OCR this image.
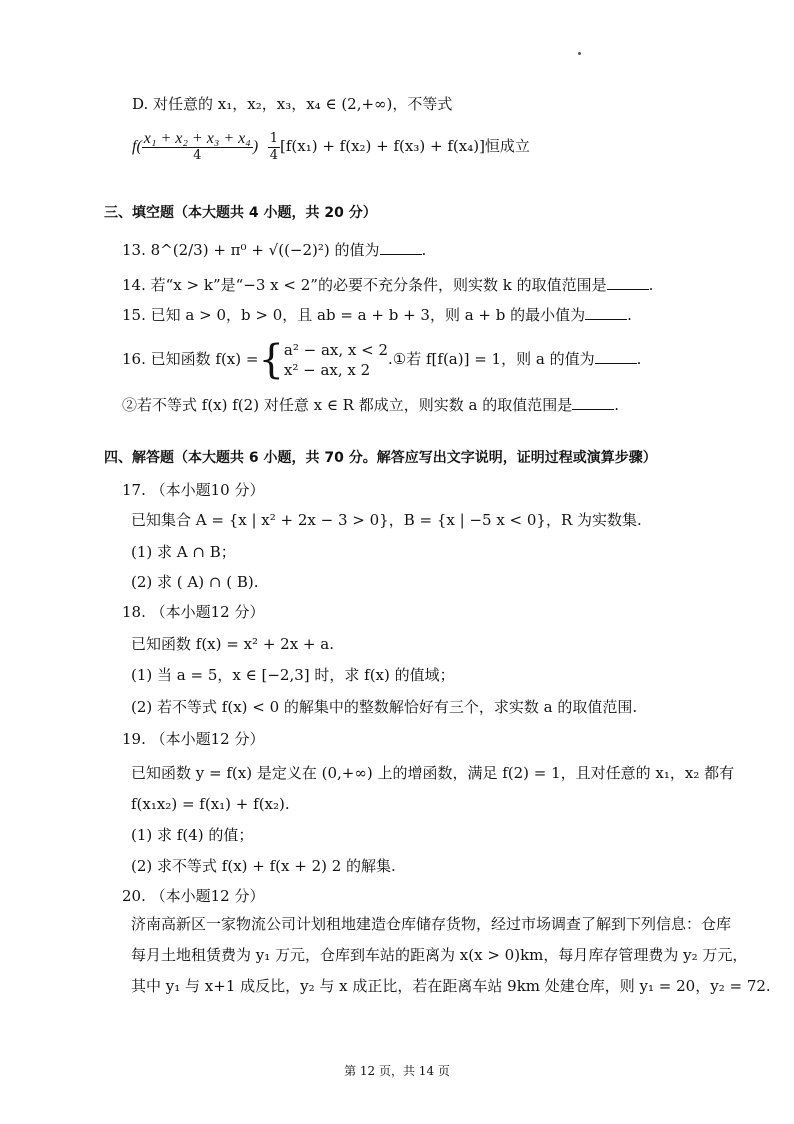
D. 对任意的 x₁，x₂，x₃，x₄ ∈ (2,+∞)，不等式
$f( \frac{\text{x₁ + x₂ + x₃ + x₄}}{4}$ ) $\frac{1}{4} [f(x_1) + f(x_2) + f(x_3) + f(x_4)]$恒成立
三、填空题（本大题共 4 小题，共 20 分）
13. 8^(2/3) + π⁰ + √((−2)²) 的值为	.
14. 若“x > k”是“−3 x < 2”的必要不充分条件，则实数 k 的取值范围是	.
15. 已知 a > 0，b > 0，且 ab = a + b + 3，则 a + b 的最小值为	.
16. 已知函数 f(x) ={ a² − ax, x < 2
x² − ax, x 2
.①若 f[f(a)] = 1，则 a 的值为	.
②若不等式 f(x) f(2) 对任意 x ∈ R 都成立，则实数 a 的取值范围是	.
四、解答题（本大题共 6 小题，共 70 分。解答应写出文字说明，证明过程或演算步骤）
17. （本小题10 分）
已知集合 A = {x | x² + 2x − 3 > 0}，B = {x | −5 x < 0}，R 为实数集.
(1) 求 A ∩ B；
(2) 求 ( A) ∩ ( B).
18. （本小题12 分）
已知函数 f(x) = x² + 2x + a.
(1) 当 a = 5，x ∈ [−2,3] 时，求 f(x) 的值域；
(2) 若不等式 f(x) < 0 的解集中的整数解恰好有三个，求实数 a 的取值范围.
19. （本小题12 分）
已知函数 y = f(x) 是定义在 (0,+∞) 上的增函数，满足 f(2) = 1，且对任意的 x₁，x₂ 都有
f(x₁x₂) = f(x₁) + f(x₂).
(1) 求 f(4) 的值；
(2) 求不等式 f(x) + f(x + 2) 2 的解集.
20. （本小题12 分）
济南高新区一家物流公司计划租地建造仓库储存货物，经过市场调查了解到下列信息：仓库
每月土地租赁费为 y₁ 万元，仓库到车站的距离为 x(x > 0)km，每月库存管理费为 y₂ 万元，
其中 y₁ 与 x+1 成反比，y₂ 与 x 成正比，若在距离车站 9km 处建仓库，则 y₁ = 20，y₂ = 72.
第 12 页，共 14 页
